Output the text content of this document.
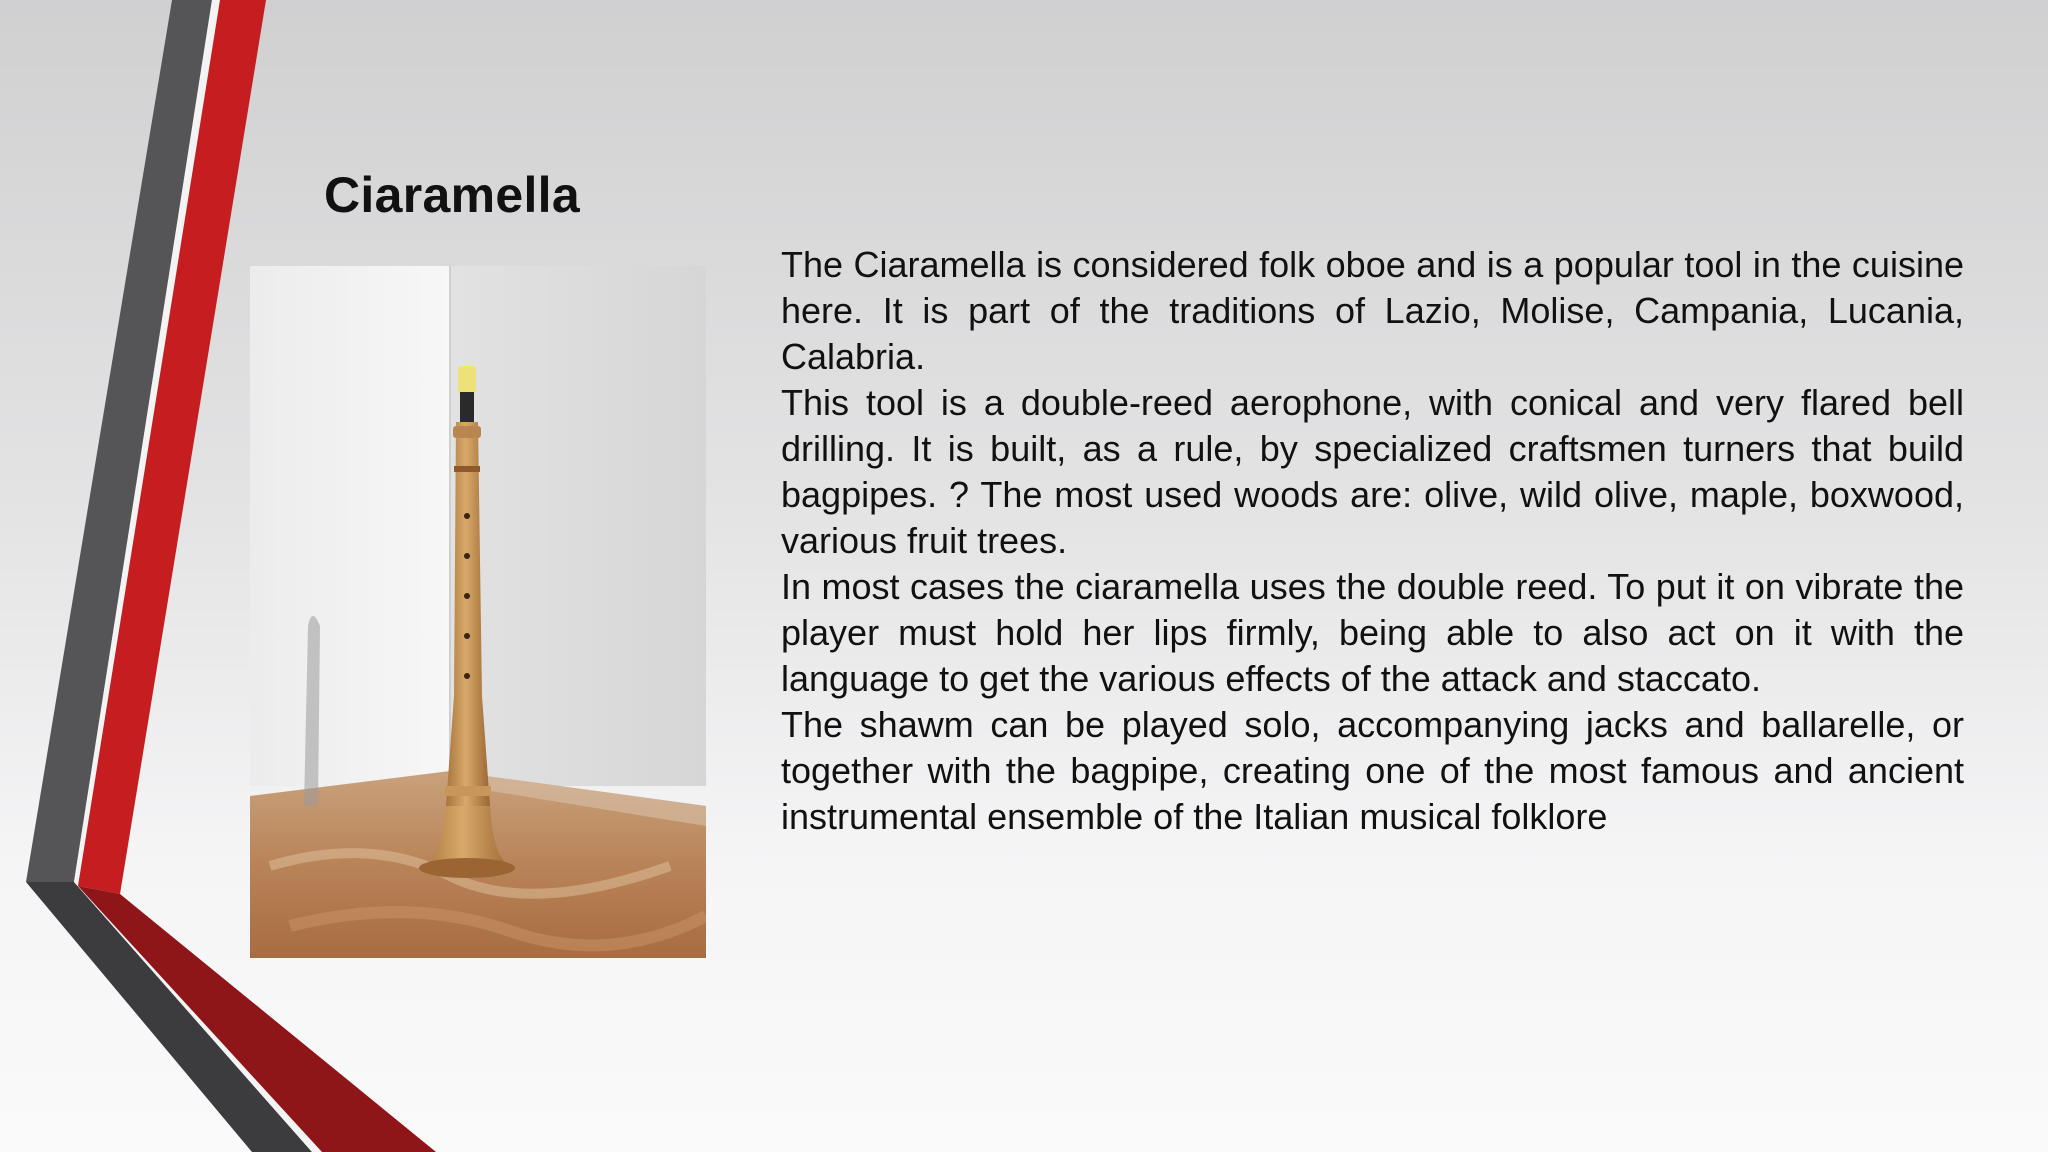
Ciaramella

The Ciaramella is considered folk oboe and is a popular tool in the cuisine here. It is part of the traditions of Lazio, Molise, Campania, Lucania, Calabria.

This tool is a double-reed aerophone, with conical and very flared bell drilling. It is built, as a rule, by specialized craftsmen turners that build bagpipes. ? The most used woods are: olive, wild olive, maple, boxwood, various fruit trees.

In most cases the ciaramella uses the double reed. To put it on vibrate the player must hold her lips firmly, being able to also act on it with the language to get the various effects of the attack and staccato.

The shawm can be played solo, accompanying jacks and ballarelle, or together with the bagpipe, creating one of the most famous and ancient instrumental ensemble of the Italian musical folklore
